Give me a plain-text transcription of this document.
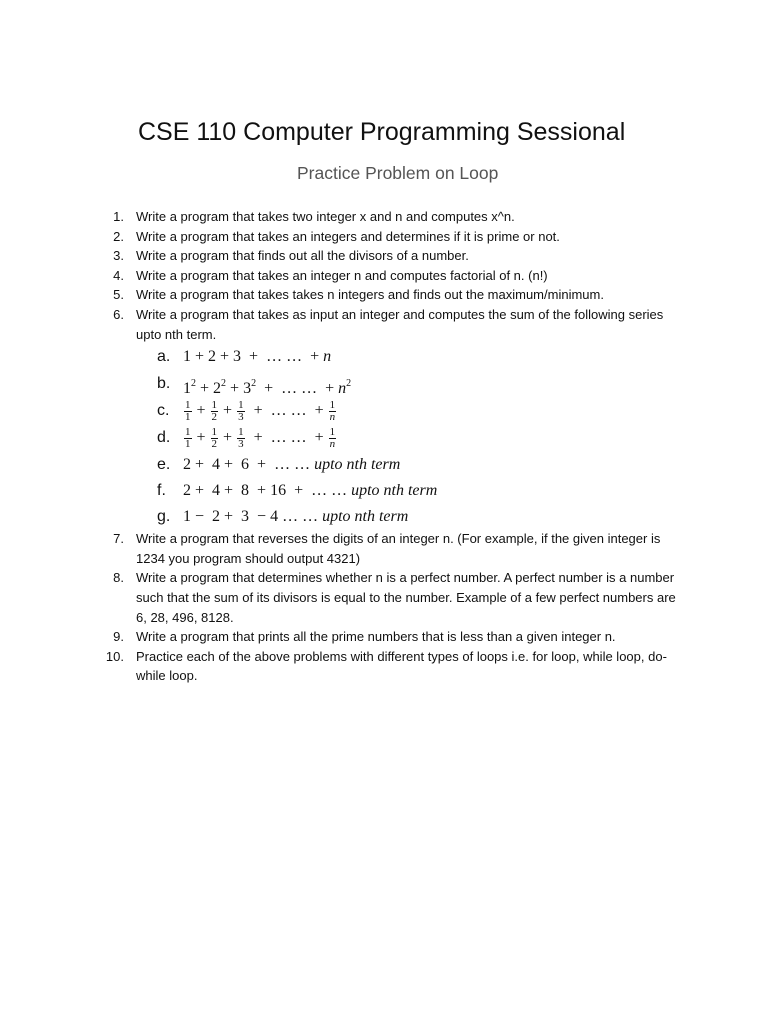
CSE 110 Computer Programming Sessional
Practice Problem on Loop
1. Write a program that takes two integer x and n and computes x^n.
2. Write a program that takes an integers and determines if it is prime or not.
3. Write a program that finds out all the divisors of a number.
4. Write a program that takes an integer n and computes factorial of n. (n!)
5. Write a program that takes takes n integers and finds out the maximum/minimum.
6. Write a program that takes as input an integer and computes the sum of the following series upto nth term.
a. 1 + 2 + 3  +  … …  + n
b. $1^2 + 2^2 + 3^2$  +  … …  + $n^2$
c. $\frac{1}{1} + \frac{1}{2} + \frac{1}{3}$ +  … …  + $\frac{1}{n}$
d. $\frac{1}{1} + \frac{1}{2} + \frac{1}{3}$ +  … …  + $\frac{1}{n}$
e. 2 +  4 +  6  +  … … upto nth term
f. 2 +  4 +  8  + 16  +  … … upto nth term
g. 1 −  2 +  3  − 4 … … upto nth term
7. Write a program that reverses the digits of an integer n. (For example, if the given integer is 1234 you program should output 4321)
8. Write a program that determines whether n is a perfect number. A perfect number is a number such that the sum of its divisors is equal to the number. Example of a few perfect numbers are 6, 28, 496, 8128.
9. Write a program that prints all the prime numbers that is less than a given integer n.
10. Practice each of the above problems with different types of loops i.e. for loop, while loop, do-while loop.
